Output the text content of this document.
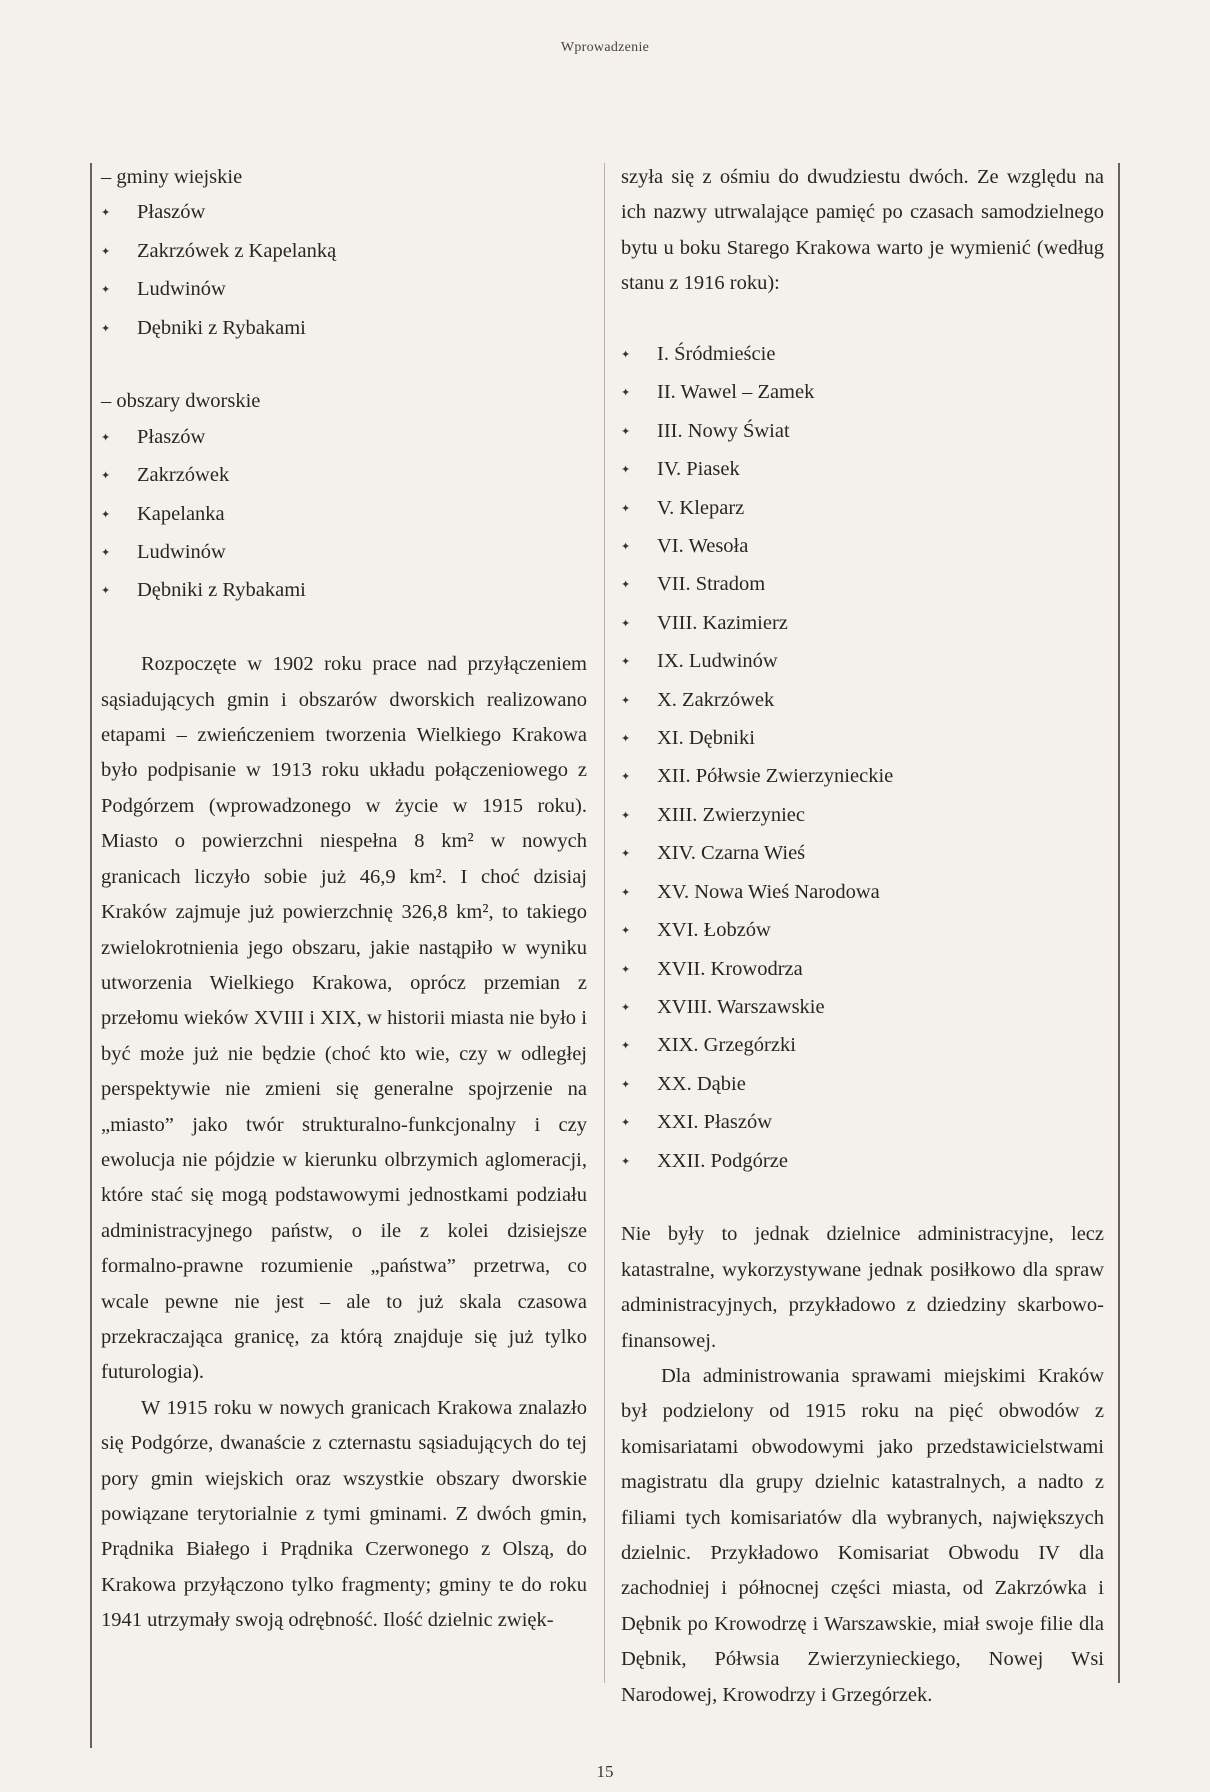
Wprowadzenie
– gminy wiejskie
✦	Płaszów
✦	Zakrzówek z Kapelanką
✦	Ludwinów
✦	Dębniki z Rybakami
– obszary dworskie
✦	Płaszów
✦	Zakrzówek
✦	Kapelanka
✦	Ludwinów
✦	Dębniki z Rybakami

Rozpoczęte w 1902 roku prace nad przyłączeniem sąsiadujących gmin i obszarów dworskich realizowano etapami – zwieńczeniem tworzenia Wielkiego Krakowa było podpisanie w 1913 roku układu połączeniowego z Podgórzem (wprowadzonego w życie w 1915 roku). Miasto o powierzchni niespełna 8 km² w nowych granicach liczyło sobie już 46,9 km². I choć dzisiaj Kraków zajmuje już powierzchnię 326,8 km², to takiego zwielokrotnienia jego obszaru, jakie nastąpiło w wyniku utworzenia Wielkiego Krakowa, oprócz przemian z przełomu wieków XVIII i XIX, w historii miasta nie było i być może już nie będzie (choć kto wie, czy w odległej perspektywie nie zmieni się generalne spojrzenie na „miasto” jako twór strukturalno-funkcjonalny i czy ewolucja nie pójdzie w kierunku olbrzymich aglomeracji, które stać się mogą podstawowymi jednostkami podziału administracyjnego państw, o ile z kolei dzisiejsze formalno-prawne rozumienie „państwa” przetrwa, co wcale pewne nie jest – ale to już skala czasowa przekraczająca granicę, za którą znajduje się już tylko futurologia).

W 1915 roku w nowych granicach Krakowa znalazło się Podgórze, dwanaście z czternastu sąsiadujących do tej pory gmin wiejskich oraz wszystkie obszary dworskie powiązane terytorialnie z tymi gminami. Z dwóch gmin, Prądnika Białego i Prądnika Czerwonego z Olszą, do Krakowa przyłączono tylko fragmenty; gminy te do roku 1941 utrzymały swoją odrębność. Ilość dzielnic zwięk-

szyła się z ośmiu do dwudziestu dwóch. Ze względu na ich nazwy utrwalające pamięć po czasach samodzielnego bytu u boku Starego Krakowa warto je wymienić (według stanu z 1916 roku):

✦	I. Śródmieście
✦	II. Wawel – Zamek
✦	III. Nowy Świat
✦	IV. Piasek
✦	V. Kleparz
✦	VI. Wesoła
✦	VII. Stradom
✦	VIII. Kazimierz
✦	IX. Ludwinów
✦	X. Zakrzówek
✦	XI. Dębniki
✦	XII. Półwsie Zwierzynieckie
✦	XIII. Zwierzyniec
✦	XIV. Czarna Wieś
✦	XV. Nowa Wieś Narodowa
✦	XVI. Łobzów
✦	XVII. Krowodrza
✦	XVIII. Warszawskie
✦	XIX. Grzegórzki
✦	XX. Dąbie
✦	XXI. Płaszów
✦	XXII. Podgórze

Nie były to jednak dzielnice administracyjne, lecz katastralne, wykorzystywane jednak posiłkowo dla spraw administracyjnych, przykładowo z dziedziny skarbowo-finansowej.

Dla administrowania sprawami miejskimi Kraków był podzielony od 1915 roku na pięć obwodów z komisariatami obwodowymi jako przedstawicielstwami magistratu dla grupy dzielnic katastralnych, a nadto z filiami tych komisariatów dla wybranych, największych dzielnic. Przykładowo Komisariat Obwodu IV dla zachodniej i północnej części miasta, od Zakrzówka i Dębnik po Krowodrzę i Warszawskie, miał swoje filie dla Dębnik, Półwsia Zwierzynieckiego, Nowej Wsi Narodowej, Krowodrzy i Grzegórzek.

15
